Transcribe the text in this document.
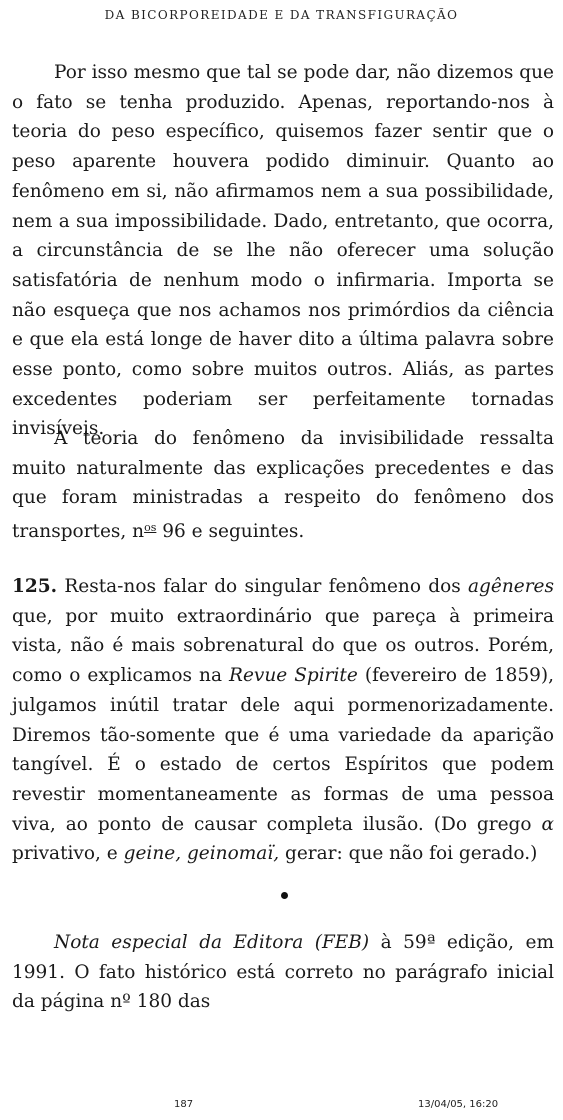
DA BICORPOREIDADE E DA TRANSFIGURAÇÃO

Por isso mesmo que tal se pode dar, não dizemos que o fato se tenha produzido. Apenas, reportando-nos à teoria do peso específico, quisemos fazer sentir que o peso aparente houvera podido diminuir. Quanto ao fenômeno em si, não afirmamos nem a sua possibilidade, nem a sua impossibilidade. Dado, entretanto, que ocorra, a circunstância de se lhe não oferecer uma solução satisfatória de nenhum modo o infirmaria. Importa se não esqueça que nos achamos nos primórdios da ciência e que ela está longe de haver dito a última palavra sobre esse ponto, como sobre muitos outros. Aliás, as partes excedentes poderiam ser perfeitamente tornadas invisíveis.

A teoria do fenômeno da invisibilidade ressalta muito naturalmente das explicações precedentes e das que foram ministradas a respeito do fenômeno dos transportes, $n^{os}$ 96 e seguintes.

125. Resta-nos falar do singular fenômeno dos agêneres que, por muito extraordinário que pareça à primeira vista, não é mais sobrenatural do que os outros. Porém, como o explicamos na Revue Spirite (fevereiro de 1859), julgamos inútil tratar dele aqui pormenorizadamente. Diremos tão-somente que é uma variedade da aparição tangível. É o estado de certos Espíritos que podem revestir momentaneamente as formas de uma pessoa viva, ao ponto de causar completa ilusão. (Do grego α privativo, e geine, geinomaï, gerar: que não foi gerado.)

Nota especial da Editora (FEB) à 59ª edição, em 1991. O fato histórico está correto no parágrafo inicial da página nº 180 das

187	13/04/05, 16:20
